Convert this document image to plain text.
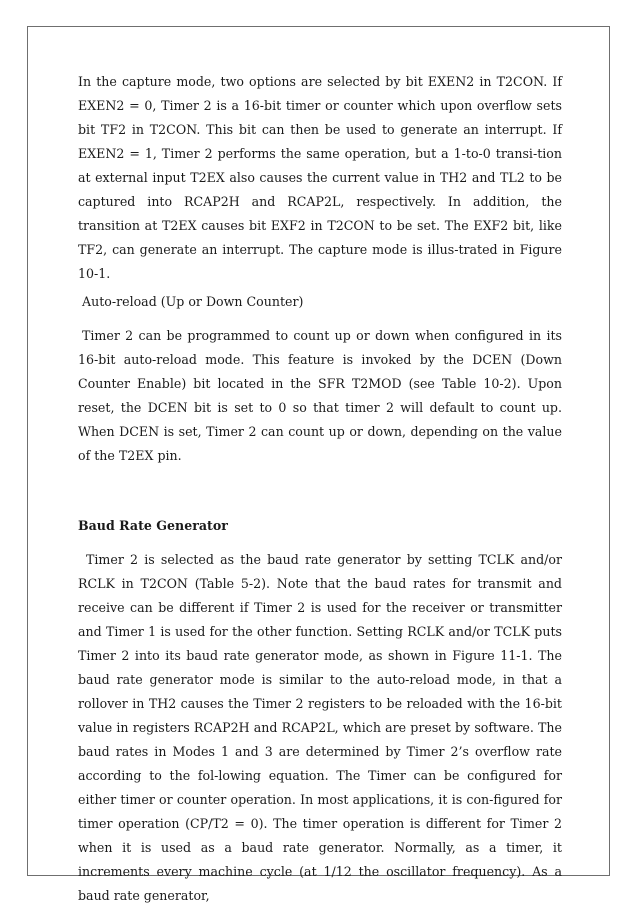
In the capture mode, two options are selected by bit EXEN2 in T2CON. If EXEN2 = 0, Timer 2 is a 16-bit timer or counter which upon overflow sets bit TF2 in T2CON. This bit can then be used to generate an interrupt. If EXEN2 = 1, Timer 2 performs the same operation, but a 1-to-0 transi-tion at external input T2EX also causes the current value in TH2 and TL2 to be captured into RCAP2H and RCAP2L, respectively. In addition, the transition at T2EX causes bit EXF2 in T2CON to be set. The EXF2 bit, like TF2, can generate an interrupt. The capture mode is illus-trated in Figure 10-1.

Auto-reload (Up or Down Counter)

Timer 2 can be programmed to count up or down when configured in its 16-bit auto-reload mode. This feature is invoked by the DCEN (Down Counter Enable) bit located in the SFR T2MOD (see Table 10-2). Upon reset, the DCEN bit is set to 0 so that timer 2 will default to count up. When DCEN is set, Timer 2 can count up or down, depending on the value of the T2EX pin.

Baud Rate Generator

Timer 2 is selected as the baud rate generator by setting TCLK and/or RCLK in T2CON (Table 5-2). Note that the baud rates for transmit and receive can be different if Timer 2 is used for the receiver or transmitter and Timer 1 is used for the other function. Setting RCLK and/or TCLK puts Timer 2 into its baud rate generator mode, as shown in Figure 11-1. The baud rate generator mode is similar to the auto-reload mode, in that a rollover in TH2 causes the Timer 2 registers to be reloaded with the 16-bit value in registers RCAP2H and RCAP2L, which are preset by software. The baud rates in Modes 1 and 3 are determined by Timer 2’s overflow rate according to the fol-lowing equation. The Timer can be configured for either timer or counter operation. In most applications, it is con-figured for timer operation (CP/T2 = 0). The timer operation is different for Timer 2 when it is used as a baud rate generator. Normally, as a timer, it increments every machine cycle (at 1/12 the oscillator frequency). As a baud rate generator,
